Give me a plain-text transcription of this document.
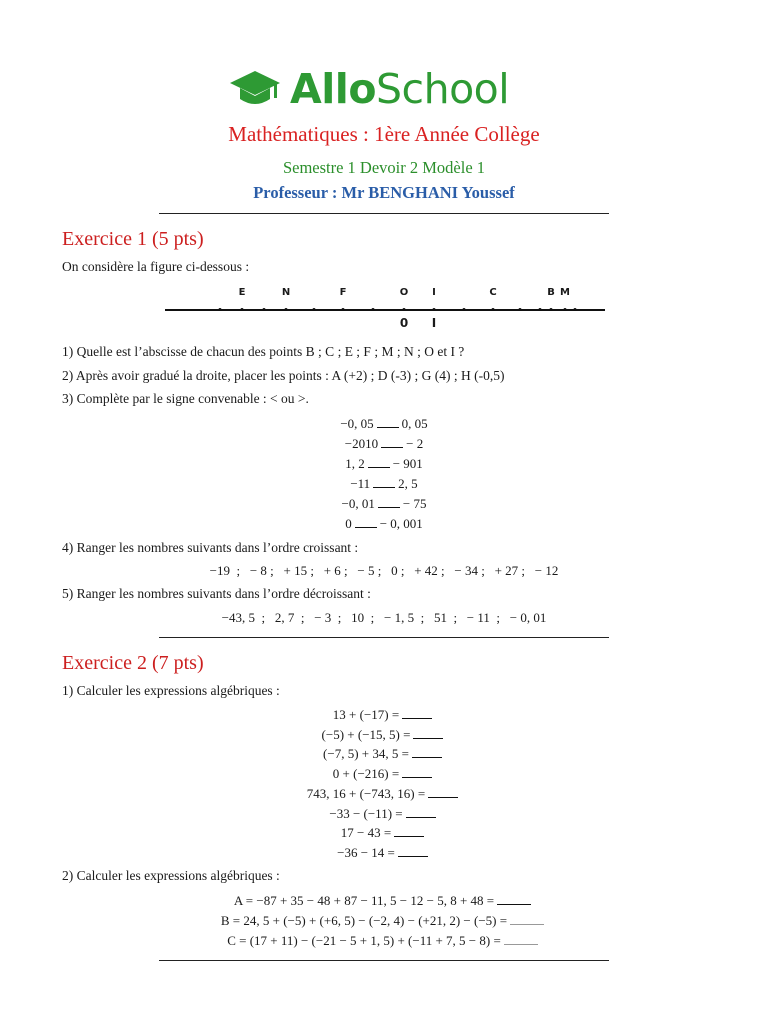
AlloSchool
Mathématiques : 1ère Année Collège
Semestre 1 Devoir 2 Modèle 1
Professeur : Mr BENGHANI Youssef
Exercice 1 (5 pts)
On considère la figure ci-dessous :
E	N	F	O I	C	B M
0 I
1) Quelle est l’abscisse de chacun des points B ; C ; E ; F ; M ; N ; O et I ?
2) Après avoir gradué la droite, placer les points : A (+2) ; D (-3) ; G (4) ; H (-0,5)
3) Complète par le signe convenable : < ou >.
−0, 05 0, 05
−2010 − 2
1, 2 − 901
−11 2, 5
−0, 01 − 75
0 − 0, 001
4) Ranger les nombres suivants dans l’ordre croissant :
−19  ;   − 8 ;   + 15 ;   + 6 ;   − 5 ;   0 ;   + 42 ;   − 34 ;   + 27 ;   − 12
5) Ranger les nombres suivants dans l’ordre décroissant :
−43, 5  ;   2, 7  ;   − 3  ;   10  ;   − 1, 5  ;   51  ;   − 11  ;   − 0, 01
Exercice 2 (7 pts)
1) Calculer les expressions algébriques :
13 + (−17) =
(−5) + (−15, 5) =
(−7, 5) + 34, 5 =
0 + (−216) =
743, 16 + (−743, 16) =
−33 − (−11) =
17 − 43 =
−36 − 14 =
2) Calculer les expressions algébriques :
A = −87 + 35 − 48 + 87 − 11, 5 − 12 − 5, 8 + 48 =
B = 24, 5 + (−5) + (+6, 5) − (−2, 4) − (+21, 2) − (−5) =
C = (17 + 11) − (−21 − 5 + 1, 5) + (−11 + 7, 5 − 8) =
